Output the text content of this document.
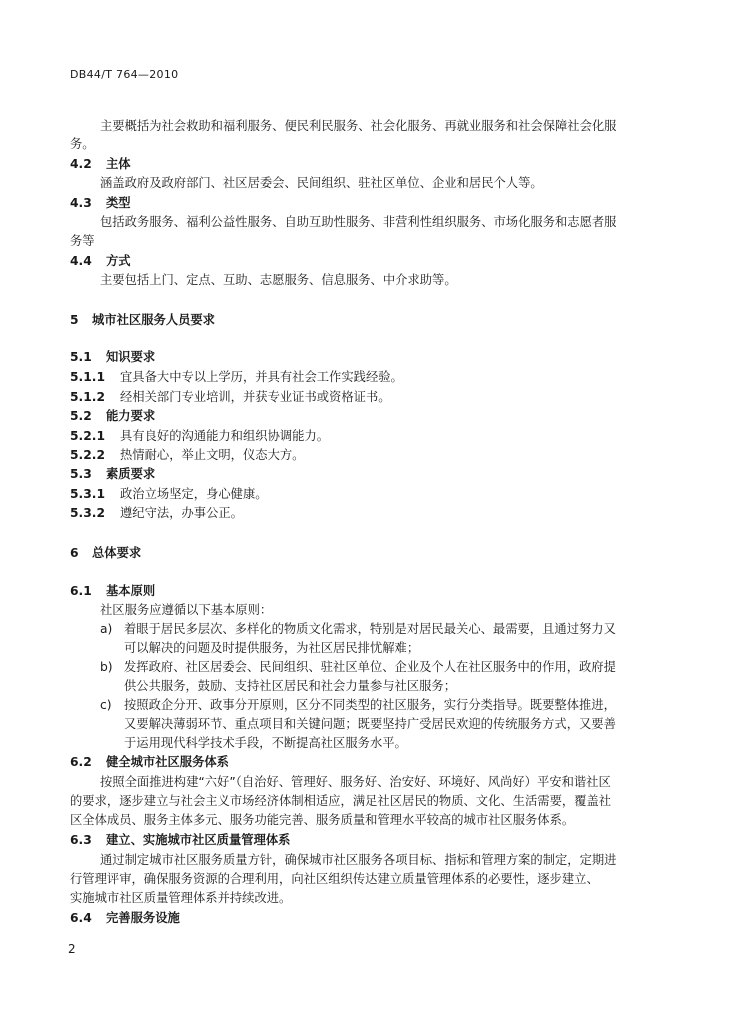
DB44/T 764—2010
主要概括为社会救助和福利服务、便民利民服务、社会化服务、再就业服务和社会保障社会化服
务。
4.2 主体
涵盖政府及政府部门、社区居委会、民间组织、驻社区单位、企业和居民个人等。
4.3 类型
包括政务服务、福利公益性服务、自助互助性服务、非营利性组织服务、市场化服务和志愿者服
务等
4.4 方式
主要包括上门、定点、互助、志愿服务、信息服务、中介求助等。
5 城市社区服务人员要求
5.1 知识要求
5.1.1 宜具备大中专以上学历，并具有社会工作实践经验。
5.1.2 经相关部门专业培训，并获专业证书或资格证书。
5.2 能力要求
5.2.1 具有良好的沟通能力和组织协调能力。
5.2.2 热情耐心，举止文明，仪态大方。
5.3 素质要求
5.3.1 政治立场坚定，身心健康。
5.3.2 遵纪守法，办事公正。
6 总体要求
6.1 基本原则
社区服务应遵循以下基本原则：
a) 着眼于居民多层次、多样化的物质文化需求，特别是对居民最关心、最需要，且通过努力又
可以解决的问题及时提供服务，为社区居民排忧解难；
b) 发挥政府、社区居委会、民间组织、驻社区单位、企业及个人在社区服务中的作用，政府提
供公共服务，鼓励、支持社区居民和社会力量参与社区服务；
c) 按照政企分开、政事分开原则，区分不同类型的社区服务，实行分类指导。既要整体推进，
又要解决薄弱环节、重点项目和关键问题；既要坚持广受居民欢迎的传统服务方式，又要善
于运用现代科学技术手段，不断提高社区服务水平。
6.2 健全城市社区服务体系
按照全面推进构建“六好”（自治好、管理好、服务好、治安好、环境好、风尚好）平安和谐社区
的要求，逐步建立与社会主义市场经济体制相适应，满足社区居民的物质、文化、生活需要，覆盖社
区全体成员、服务主体多元、服务功能完善、服务质量和管理水平较高的城市社区服务体系。
6.3 建立、实施城市社区质量管理体系
通过制定城市社区服务质量方针，确保城市社区服务各项目标、指标和管理方案的制定，定期进
行管理评审，确保服务资源的合理利用，向社区组织传达建立质量管理体系的必要性，逐步建立、
实施城市社区质量管理体系并持续改进。
6.4 完善服务设施
2
